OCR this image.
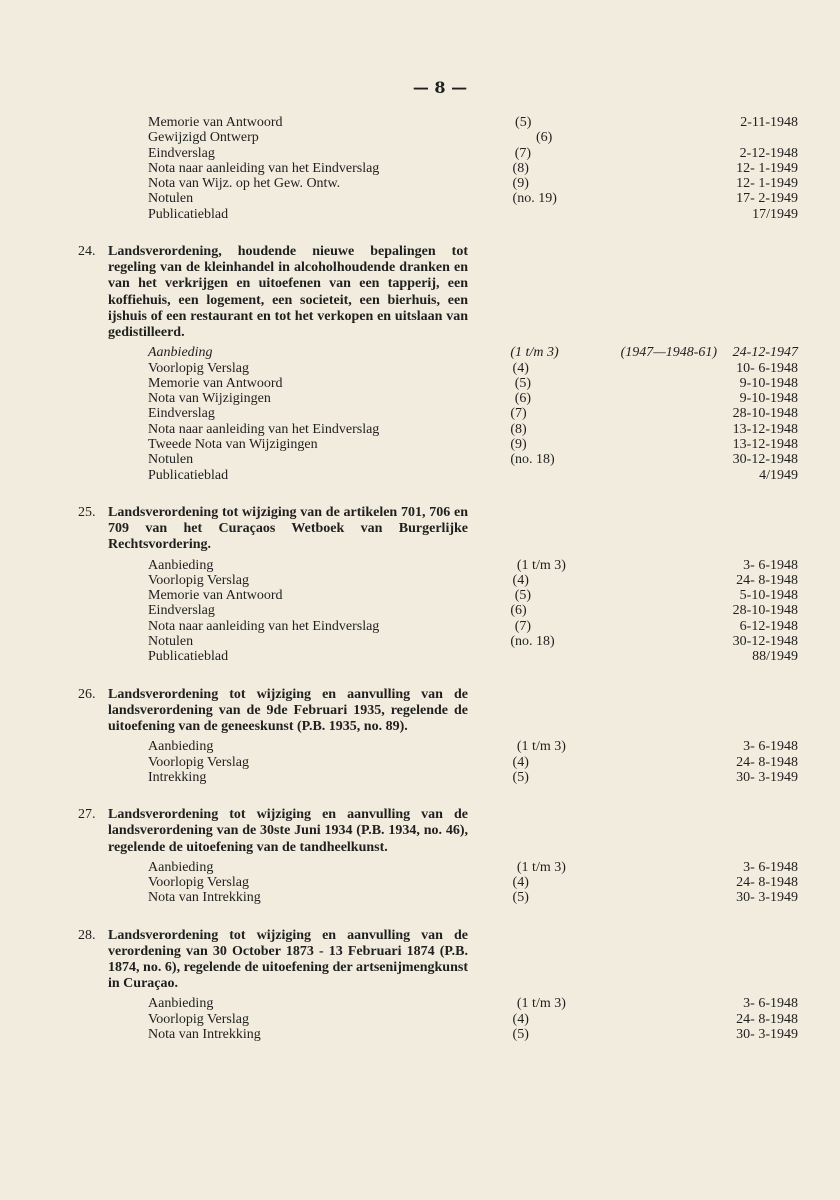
— 8 —
Memorie van Antwoord	(5)	2-11-1948
Gewijzigd Ontwerp	(6)
Eindverslag	(7)	2-12-1948
Nota naar aanleiding van het Eindverslag	(8)	12- 1-1949
Nota van Wijz. op het Gew. Ontw.	(9)	12- 1-1949
Notulen	(no. 19)	17- 2-1949
Publicatieblad	17/1949
24. Landsverordening, houdende nieuwe bepalingen tot regeling van de kleinhandel in alcoholhoudende dranken en van het verkrijgen en uitoefenen van een tapperij, een koffiehuis, een logement, een societeit, een bierhuis, een ijshuis of een restaurant en tot het verkopen en uitslaan van gedistilleerd.
Aanbieding	(1 t/m 3)	(1947—1948-61)	24-12-1947
Voorlopig Verslag	(4)	10- 6-1948
Memorie van Antwoord	(5)	9-10-1948
Nota van Wijzigingen	(6)	9-10-1948
Eindverslag	(7)	28-10-1948
Nota naar aanleiding van het Eindverslag	(8)	13-12-1948
Tweede Nota van Wijzigingen	(9)	13-12-1948
Notulen	(no. 18)	30-12-1948
Publicatieblad	4/1949
25. Landsverordening tot wijziging van de artikelen 701, 706 en 709 van het Curaçaos Wetboek van Burgerlijke Rechtsvordering.
Aanbieding	(1 t/m 3)	3- 6-1948
Voorlopig Verslag	(4)	24- 8-1948
Memorie van Antwoord	(5)	5-10-1948
Eindverslag	(6)	28-10-1948
Nota naar aanleiding van het Eindverslag	(7)	6-12-1948
Notulen	(no. 18)	30-12-1948
Publicatieblad	88/1949
26. Landsverordening tot wijziging en aanvulling van de landsverordening van de 9de Februari 1935, regelende de uitoefening van de geneeskunst (P.B. 1935, no. 89).
Aanbieding	(1 t/m 3)	3- 6-1948
Voorlopig Verslag	(4)	24- 8-1948
Intrekking	(5)	30- 3-1949
27. Landsverordening tot wijziging en aanvulling van de landsverordening van de 30ste Juni 1934 (P.B. 1934, no. 46), regelende de uitoefening van de tandheelkunst.
Aanbieding	(1 t/m 3)	3- 6-1948
Voorlopig Verslag	(4)	24- 8-1948
Nota van Intrekking	(5)	30- 3-1949
28. Landsverordening tot wijziging en aanvulling van de verordening van 30 October 1873 - 13 Februari 1874 (P.B. 1874, no. 6), regelende de uitoefening der artsenijmengkunst in Curaçao.
Aanbieding	(1 t/m 3)	3- 6-1948
Voorlopig Verslag	(4)	24- 8-1948
Nota van Intrekking	(5)	30- 3-1949
